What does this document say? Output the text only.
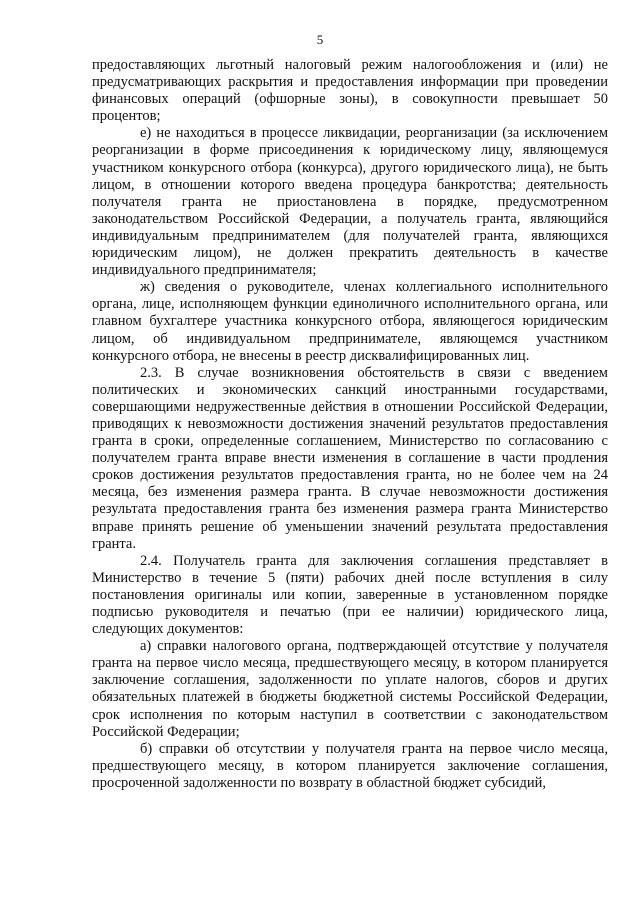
5

предоставляющих льготный налоговый режим налогообложения и (или) не предусматривающих раскрытия и предоставления информации при проведении финансовых операций (офшорные зоны), в совокупности превышает 50 процентов;

е) не находиться в процессе ликвидации, реорганизации (за исключением реорганизации в форме присоединения к юридическому лицу, являющемуся участником конкурсного отбора (конкурса), другого юридического лица), не быть лицом, в отношении которого введена процедура банкротства; деятельность получателя гранта не приостановлена в порядке, предусмотренном законодательством Российской Федерации, а получатель гранта, являющийся индивидуальным предпринимателем (для получателей гранта, являющихся юридическим лицом), не должен прекратить деятельность в качестве индивидуального предпринимателя;

ж) сведения о руководителе, членах коллегиального исполнительного органа, лице, исполняющем функции единоличного исполнительного органа, или главном бухгалтере участника конкурсного отбора, являющегося юридическим лицом, об индивидуальном предпринимателе, являющемся участником конкурсного отбора, не внесены в реестр дисквалифицированных лиц.

2.3. В случае возникновения обстоятельств в связи с введением политических и экономических санкций иностранными государствами, совершающими недружественные действия в отношении Российской Федерации, приводящих к невозможности достижения значений результатов предоставления гранта в сроки, определенные соглашением, Министерство по согласованию с получателем гранта вправе внести изменения в соглашение в части продления сроков достижения результатов предоставления гранта, но не более чем на 24 месяца, без изменения размера гранта. В случае невозможности достижения результата предоставления гранта без изменения размера гранта Министерство вправе принять решение об уменьшении значений результата предоставления гранта.

2.4. Получатель гранта для заключения соглашения представляет в Министерство в течение 5 (пяти) рабочих дней после вступления в силу постановления оригиналы или копии, заверенные в установленном порядке подписью руководителя и печатью (при ее наличии) юридического лица, следующих документов:

а) справки налогового органа, подтверждающей отсутствие у получателя гранта на первое число месяца, предшествующего месяцу, в котором планируется заключение соглашения, задолженности по уплате налогов, сборов и других обязательных платежей в бюджеты бюджетной системы Российской Федерации, срок исполнения по которым наступил в соответствии с законодательством Российской Федерации;

б) справки об отсутствии у получателя гранта на первое число месяца, предшествующего месяцу, в котором планируется заключение соглашения, просроченной задолженности по возврату в областной бюджет субсидий,
